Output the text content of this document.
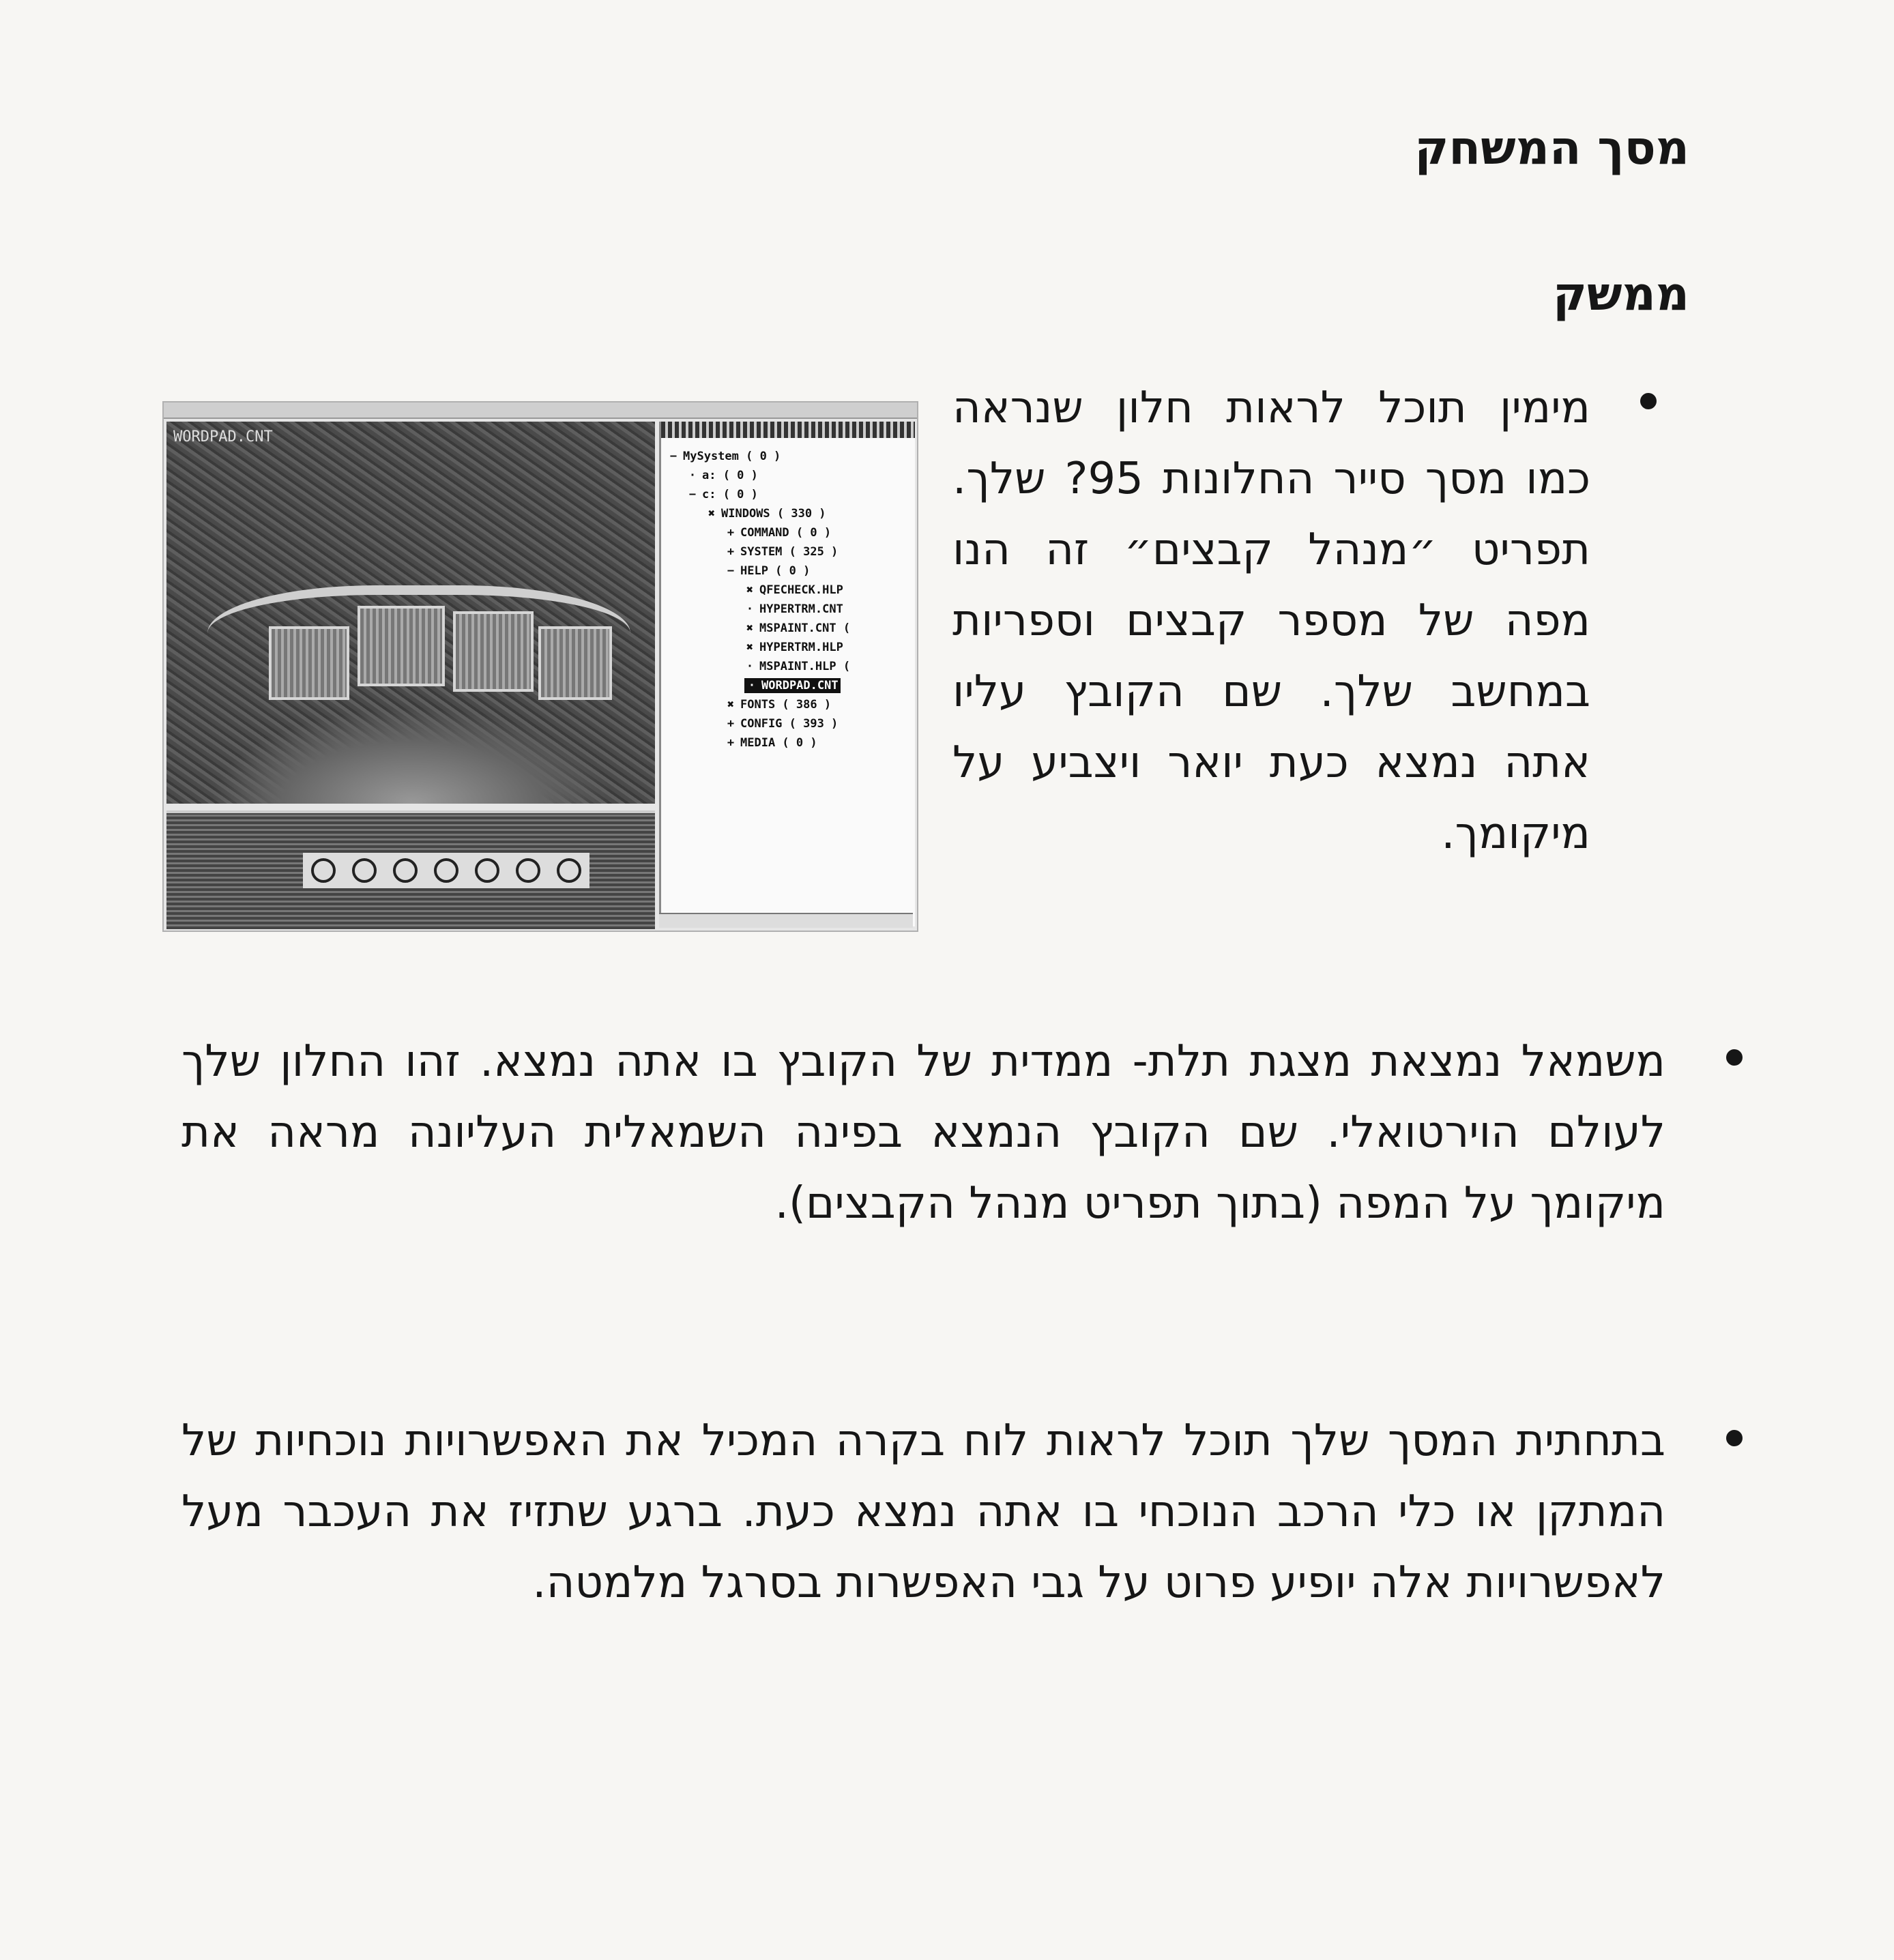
מסך המשחק
ממשק

מימין תוכל לראות חלון שנראה כמו מסך סייר החלונות 95? שלך. תפריט ״מנהל קבצים״ זה הנו מפה של מספר קבצים וספריות במחשב שלך. שם הקובץ עליו אתה נמצא כעת יואר ויצביע על מיקומך.

WORDPAD.CNT
− MySystem ( 0 )
· a: ( 0 )
− c: ( 0 )
✖ WINDOWS ( 330 )
+ COMMAND ( 0 )
+ SYSTEM ( 325 )
− HELP ( 0 )
✖ QFECHECK.HLP
· HYPERTRM.CNT
✖ MSPAINT.CNT (
✖ HYPERTRM.HLP
· MSPAINT.HLP (
· WORDPAD.CNT
✖ FONTS ( 386 )
+ CONFIG ( 393 )
+ MEDIA ( 0 )

משמאל נמצאת מצגת תלת- ממדית של הקובץ בו אתה נמצא. זהו החלון שלך לעולם הוירטואלי. שם הקובץ הנמצא בפינה השמאלית העליונה מראה את מיקומך על המפה (בתוך תפריט מנהל הקבצים).

בתחתית המסך שלך תוכל לראות לוח בקרה המכיל את האפשרויות נוכחיות של המתקן או כלי הרכב הנוכחי בו אתה נמצא כעת. ברגע שתזיז את העכבר מעל לאפשרויות אלה יופיע פרוט על גבי האפשרות בסרגל מלמטה.
